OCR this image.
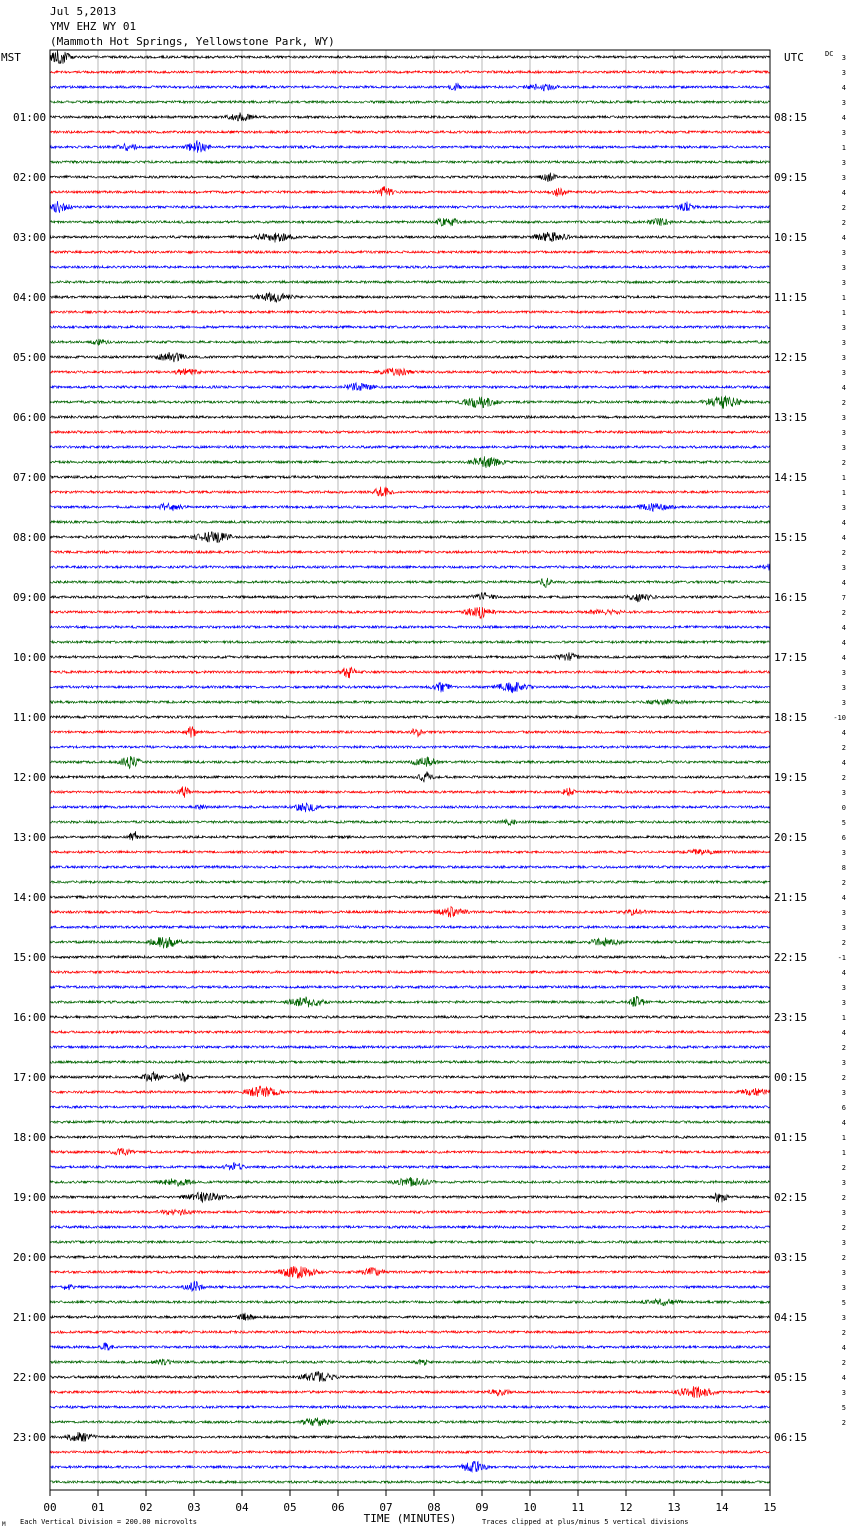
Jul 5,2013
YMV EHZ WY 01
(Mammoth Hot Springs, Yellowstone Park, WY)
00	01	02	03	04	05	06	07	08	09	10	11	12	13	14	15
01:00
02:00
03:00
04:00
05:00
06:00
07:00
08:00
09:00
10:00
11:00
12:00
13:00
14:00
15:00
16:00
17:00
18:00
19:00
20:00
21:00
22:00
23:00
08:15
09:15
10:15
11:15
12:15
13:15
14:15
15:15
16:15
17:15
18:15
19:15
20:15
21:15
22:15
23:15
00:15
01:15
02:15
03:15
04:15
05:15
06:15
3
3
4
3
4
3
1
3
3
4
2
2
4
3
3
3
1
1
3
3
3
3
4
2
3
3
3
2
1
1
3
4
4
2
3
4
7
2
4
4
4
3
3
3
-10
4
2
4
2
3
0
5
6
3
8
2
4
3
3
2
-1
4
3
3
1
4
2
3
2
3
6
4
1
1
2
3
2
3
2
3
2
3
3
5
3
2
4
2
4
3
5
2
MST	UTC	DC
TIME (MINUTES)
Each Vertical Division = 200.00 microvolts	Traces clipped at plus/minus 5 vertical divisions
M
